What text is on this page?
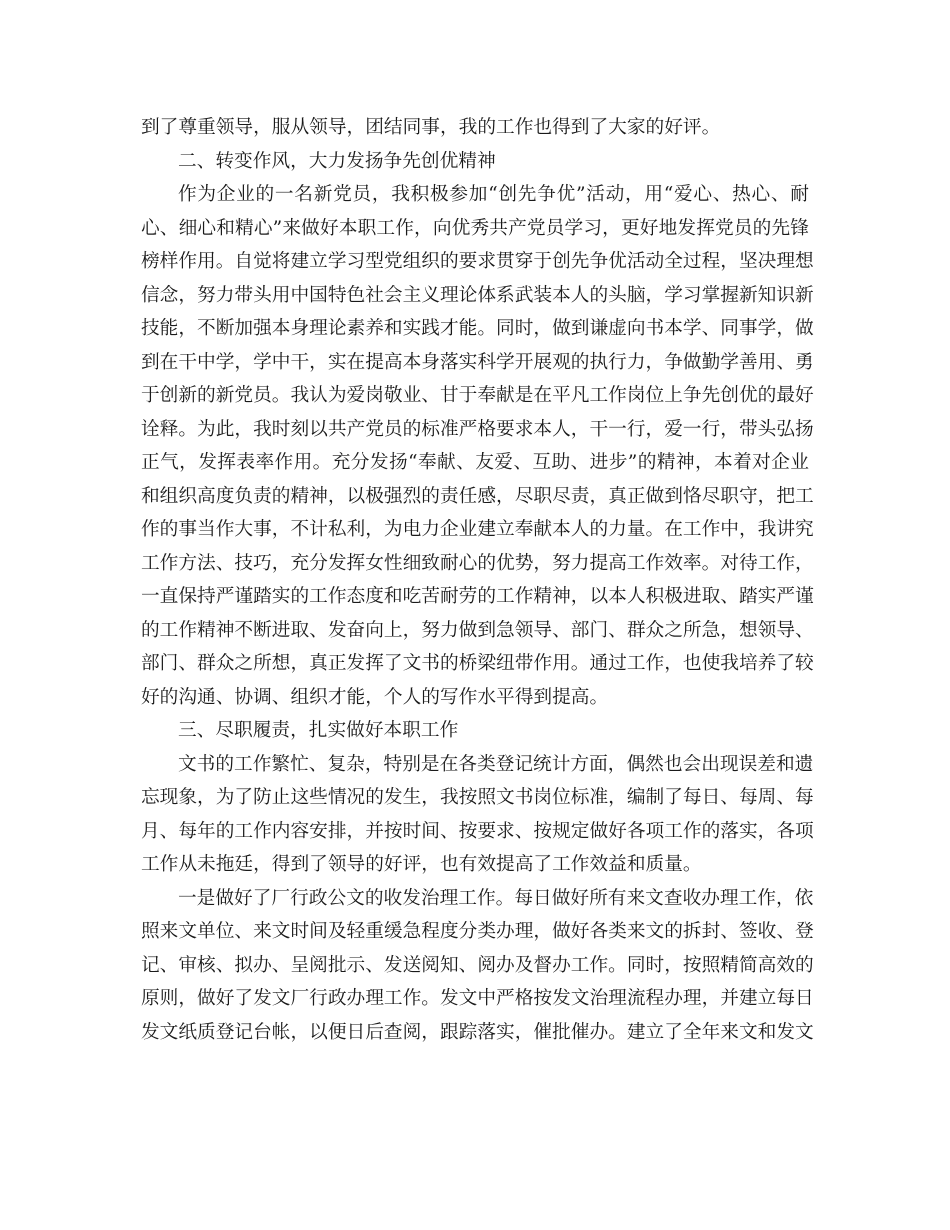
到了尊重领导，服从领导，团结同事，我的工作也得到了大家的好评。
二、转变作风，大力发扬争先创优精神
作为企业的一名新党员，我积极参加“创先争优”活动，用“爱心、热心、耐
心、细心和精心”来做好本职工作，向优秀共产党员学习，更好地发挥党员的先锋
榜样作用。自觉将建立学习型党组织的要求贯穿于创先争优活动全过程，坚决理想
信念，努力带头用中国特色社会主义理论体系武装本人的头脑，学习掌握新知识新
技能，不断加强本身理论素养和实践才能。同时，做到谦虚向书本学、同事学，做
到在干中学，学中干，实在提高本身落实科学开展观的执行力，争做勤学善用、勇
于创新的新党员。我认为爱岗敬业、甘于奉献是在平凡工作岗位上争先创优的最好
诠释。为此，我时刻以共产党员的标准严格要求本人，干一行，爱一行，带头弘扬
正气，发挥表率作用。充分发扬“奉献、友爱、互助、进步”的精神，本着对企业
和组织高度负责的精神，以极强烈的责任感，尽职尽责，真正做到恪尽职守，把工
作的事当作大事，不计私利，为电力企业建立奉献本人的力量。在工作中，我讲究
工作方法、技巧，充分发挥女性细致耐心的优势，努力提高工作效率。对待工作，
一直保持严谨踏实的工作态度和吃苦耐劳的工作精神，以本人积极进取、踏实严谨
的工作精神不断进取、发奋向上，努力做到急领导、部门、群众之所急，想领导、
部门、群众之所想，真正发挥了文书的桥梁纽带作用。通过工作，也使我培养了较
好的沟通、协调、组织才能，个人的写作水平得到提高。
三、尽职履责，扎实做好本职工作
文书的工作繁忙、复杂，特别是在各类登记统计方面，偶然也会出现误差和遗
忘现象，为了防止这些情况的发生，我按照文书岗位标准，编制了每日、每周、每
月、每年的工作内容安排，并按时间、按要求、按规定做好各项工作的落实，各项
工作从未拖廷，得到了领导的好评，也有效提高了工作效益和质量。
一是做好了厂行政公文的收发治理工作。每日做好所有来文查收办理工作，依
照来文单位、来文时间及轻重缓急程度分类办理，做好各类来文的拆封、签收、登
记、审核、拟办、呈阅批示、发送阅知、阅办及督办工作。同时，按照精简高效的
原则，做好了发文厂行政办理工作。发文中严格按发文治理流程办理，并建立每日
发文纸质登记台帐，以便日后查阅，跟踪落实，催批催办。建立了全年来文和发文
